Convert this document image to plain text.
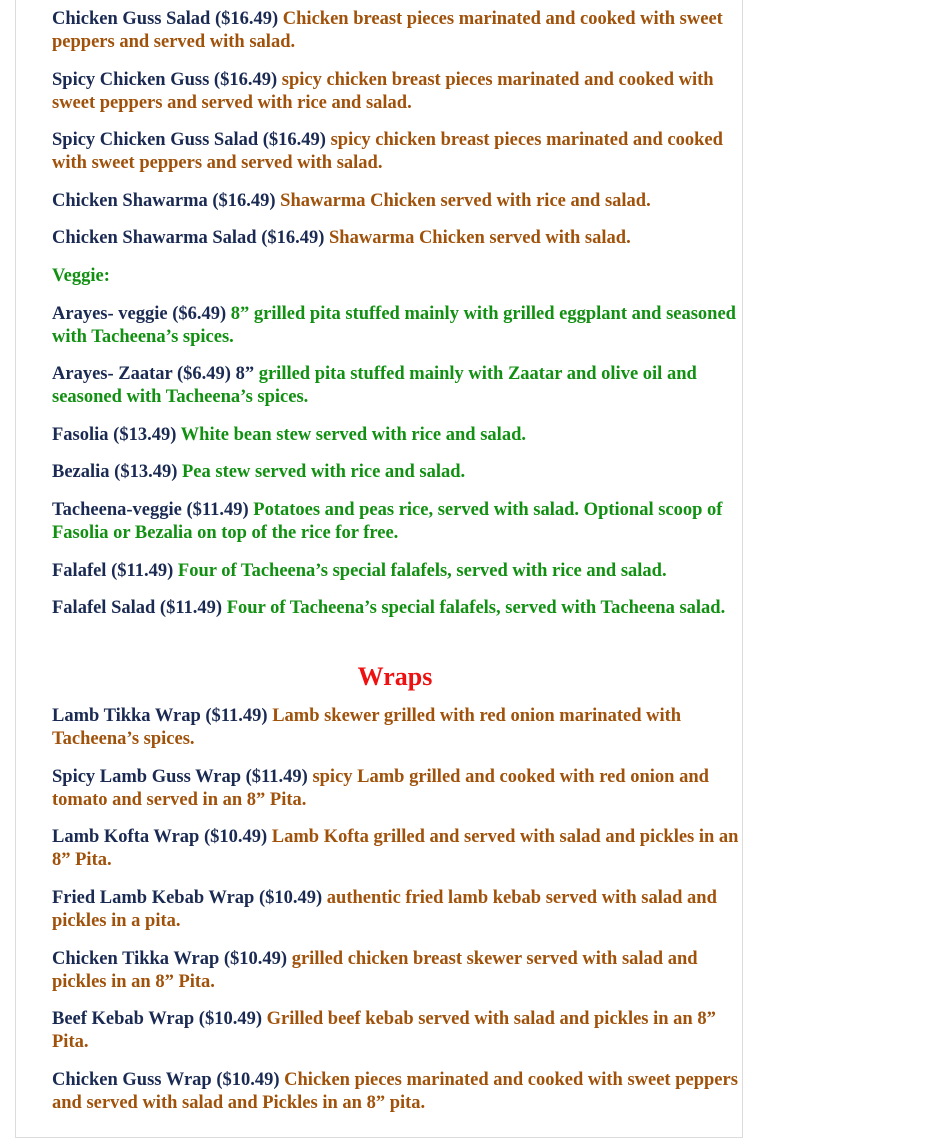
Chicken Guss Salad ($16.49) Chicken breast pieces marinated and cooked with sweet peppers and served with salad.
Spicy Chicken Guss ($16.49) spicy chicken breast pieces marinated and cooked with sweet peppers and served with rice and salad.
Spicy Chicken Guss Salad ($16.49) spicy chicken breast pieces marinated and cooked with sweet peppers and served with salad.
Chicken Shawarma ($16.49) Shawarma Chicken served with rice and salad.
Chicken Shawarma Salad ($16.49) Shawarma Chicken served with salad.
Veggie:
Arayes- veggie ($6.49) 8” grilled pita stuffed mainly with grilled eggplant and seasoned with Tacheena’s spices.
Arayes- Zaatar ($6.49) 8” grilled pita stuffed mainly with Zaatar and olive oil and seasoned with Tacheena’s spices.
Fasolia ($13.49) White bean stew served with rice and salad.
Bezalia ($13.49) Pea stew served with rice and salad.
Tacheena-veggie ($11.49) Potatoes and peas rice, served with salad. Optional scoop of Fasolia or Bezalia on top of the rice for free.
Falafel ($11.49) Four of Tacheena’s special falafels, served with rice and salad.
Falafel Salad ($11.49) Four of Tacheena’s special falafels, served with Tacheena salad.
Wraps
Lamb Tikka Wrap ($11.49) Lamb skewer grilled with red onion marinated with Tacheena’s spices.
Spicy Lamb Guss Wrap ($11.49) spicy Lamb grilled and cooked with red onion and tomato and served in an 8” Pita.
Lamb Kofta Wrap ($10.49) Lamb Kofta grilled and served with salad and pickles in an 8” Pita.
Fried Lamb Kebab Wrap ($10.49) authentic fried lamb kebab served with salad and pickles in a pita.
Chicken Tikka Wrap ($10.49) grilled chicken breast skewer served with salad and pickles in an 8” Pita.
Beef Kebab Wrap ($10.49) Grilled beef kebab served with salad and pickles in an 8” Pita.
Chicken Guss Wrap ($10.49) Chicken pieces marinated and cooked with sweet peppers and served with salad and Pickles in an 8” pita.
